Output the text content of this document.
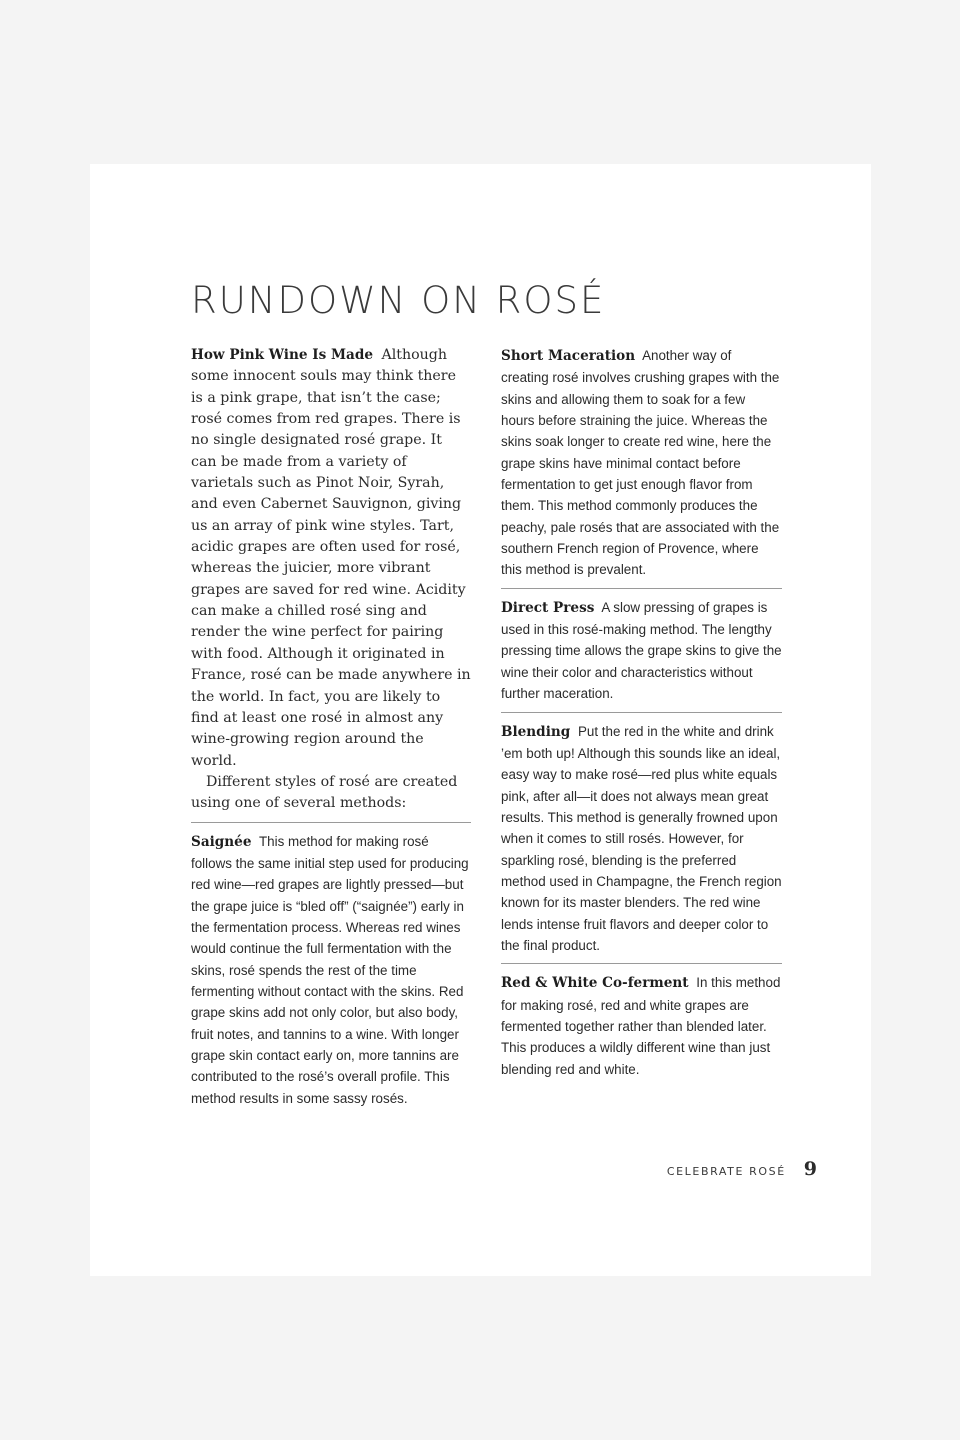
RUNDOWN ON ROSÉ

How Pink Wine Is Made Although some innocent souls may think there is a pink grape, that isn’t the case; rosé comes from red grapes. There is no single designated rosé grape. It can be made from a variety of varietals such as Pinot Noir, Syrah, and even Cabernet Sauvignon, giving us an array of pink wine styles. Tart, acidic grapes are often used for rosé, whereas the juicier, more vibrant grapes are saved for red wine. Acidity can make a chilled rosé sing and render the wine perfect for pairing with food. Although it originated in France, rosé can be made anywhere in the world. In fact, you are likely to find at least one rosé in almost any wine-growing region around the world.

Different styles of rosé are created using one of several methods:

Saignée This method for making rosé follows the same initial step used for producing red wine—red grapes are lightly pressed—but the grape juice is “bled off” (“saignée”) early in the fermentation process. Whereas red wines would continue the full fermentation with the skins, rosé spends the rest of the time fermenting without contact with the skins. Red grape skins add not only color, but also body, fruit notes, and tannins to a wine. With longer grape skin contact early on, more tannins are contributed to the rosé’s overall profile. This method results in some sassy rosés.

Short Maceration Another way of creating rosé involves crushing grapes with the skins and allowing them to soak for a few hours before straining the juice. Whereas the skins soak longer to create red wine, here the grape skins have minimal contact before fermentation to get just enough flavor from them. This method commonly produces the peachy, pale rosés that are associated with the southern French region of Provence, where this method is prevalent.

Direct Press A slow pressing of grapes is used in this rosé-making method. The lengthy pressing time allows the grape skins to give the wine their color and characteristics without further maceration.

Blending Put the red in the white and drink ’em both up! Although this sounds like an ideal, easy way to make rosé—red plus white equals pink, after all—it does not always mean great results. This method is generally frowned upon when it comes to still rosés. However, for sparkling rosé, blending is the preferred method used in Champagne, the French region known for its master blenders. The red wine lends intense fruit flavors and deeper color to the final product.

Red & White Co-ferment In this method for making rosé, red and white grapes are fermented together rather than blended later. This produces a wildly different wine than just blending red and white.

CELEBRATE ROSÉ 9
